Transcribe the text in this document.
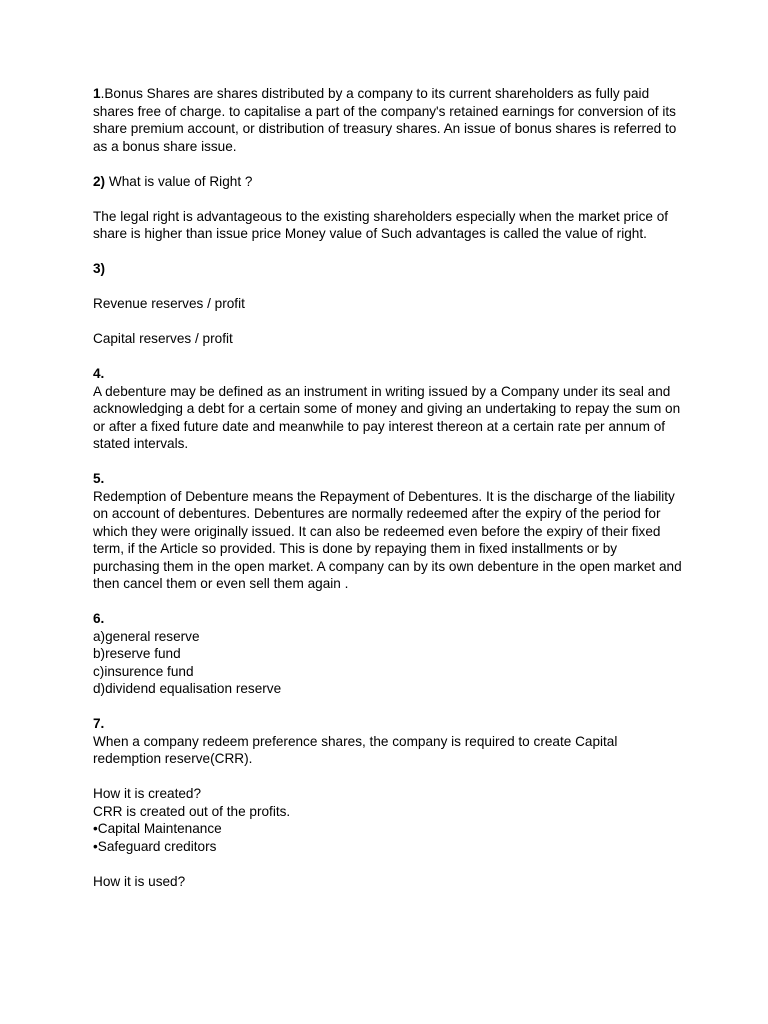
1.Bonus Shares are shares distributed by a company to its current shareholders as fully paid shares free of charge. to capitalise a part of the company's retained earnings for conversion of its share premium account, or distribution of treasury shares. An issue of bonus shares is referred to as a bonus share issue.

2) What is value of Right ?

The legal right is advantageous to the existing shareholders especially when the market price of share is higher than issue price Money value of Such advantages is called the value of right.

3)

Revenue reserves / profit

Capital reserves / profit

4.
A debenture may be defined as an instrument in writing issued by a Company under its seal and acknowledging a debt for a certain some of money and giving an undertaking to repay the sum on or after a fixed future date and meanwhile to pay interest thereon at a certain rate per annum of stated intervals.

5.
Redemption of Debenture means the Repayment of Debentures. It is the discharge of the liability on account of debentures. Debentures are normally redeemed after the expiry of the period for which they were originally issued. It can also be redeemed even before the expiry of their fixed term, if the Article so provided. This is done by repaying them in fixed installments or by purchasing them in the open market. A company can by its own debenture in the open market and then cancel them or even sell them again .

6.
a)general reserve
b)reserve fund
c)insurence fund
d)dividend equalisation reserve

7.
When a company redeem preference shares, the company is required to create Capital redemption reserve(CRR).

How it is created?
CRR is created out of the profits.
•Capital Maintenance
•Safeguard creditors

How it is used?
